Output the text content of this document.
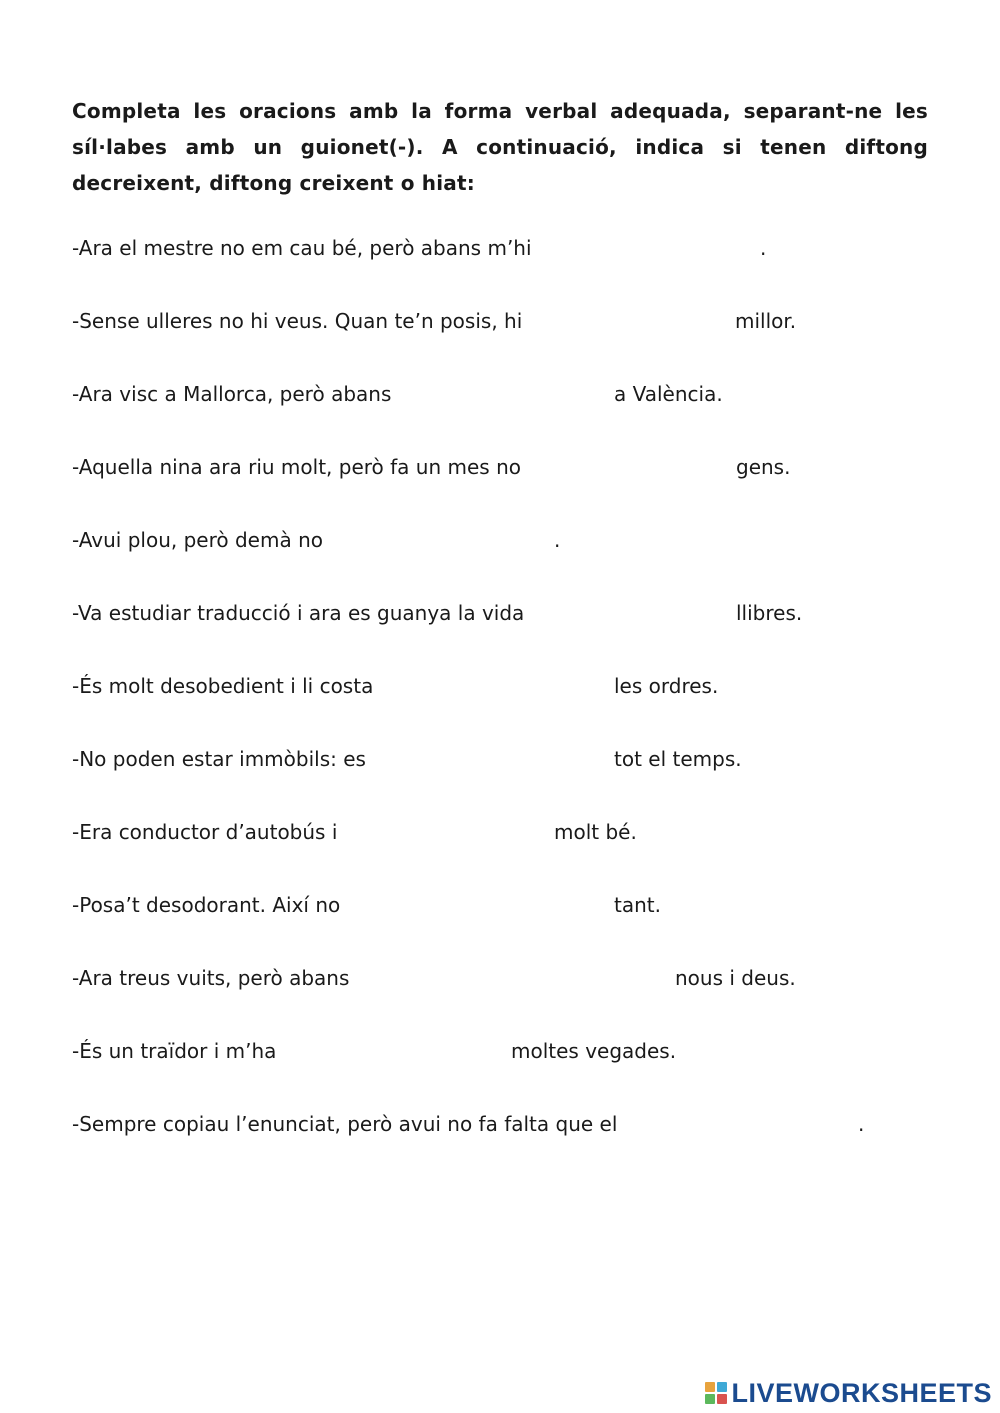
Completa les oracions amb la forma verbal adequada, separant-ne les síl·labes amb un guionet(-). A continuació, indica si tenen diftong decreixent, diftong creixent o hiat:
-Ara el mestre no em cau bé, però abans m’hi	.
-Sense ulleres no hi veus. Quan te’n posis, hi	millor.
-Ara visc a Mallorca, però abans	a València.
-Aquella nina ara riu molt, però fa un mes no	gens.
-Avui plou, però demà no	.
-Va estudiar traducció i ara es guanya la vida	llibres.
-És molt desobedient i li costa	les ordres.
-No poden estar immòbils: es	tot el temps.
-Era conductor d’autobús i	molt bé.
-Posa’t desodorant. Així no	tant.
-Ara treus vuits, però abans	nous i deus.
-És un traïdor i m’ha	moltes vegades.
-Sempre copiau l’enunciat, però avui no fa falta que el	.
LIVEWORKSHEETS
